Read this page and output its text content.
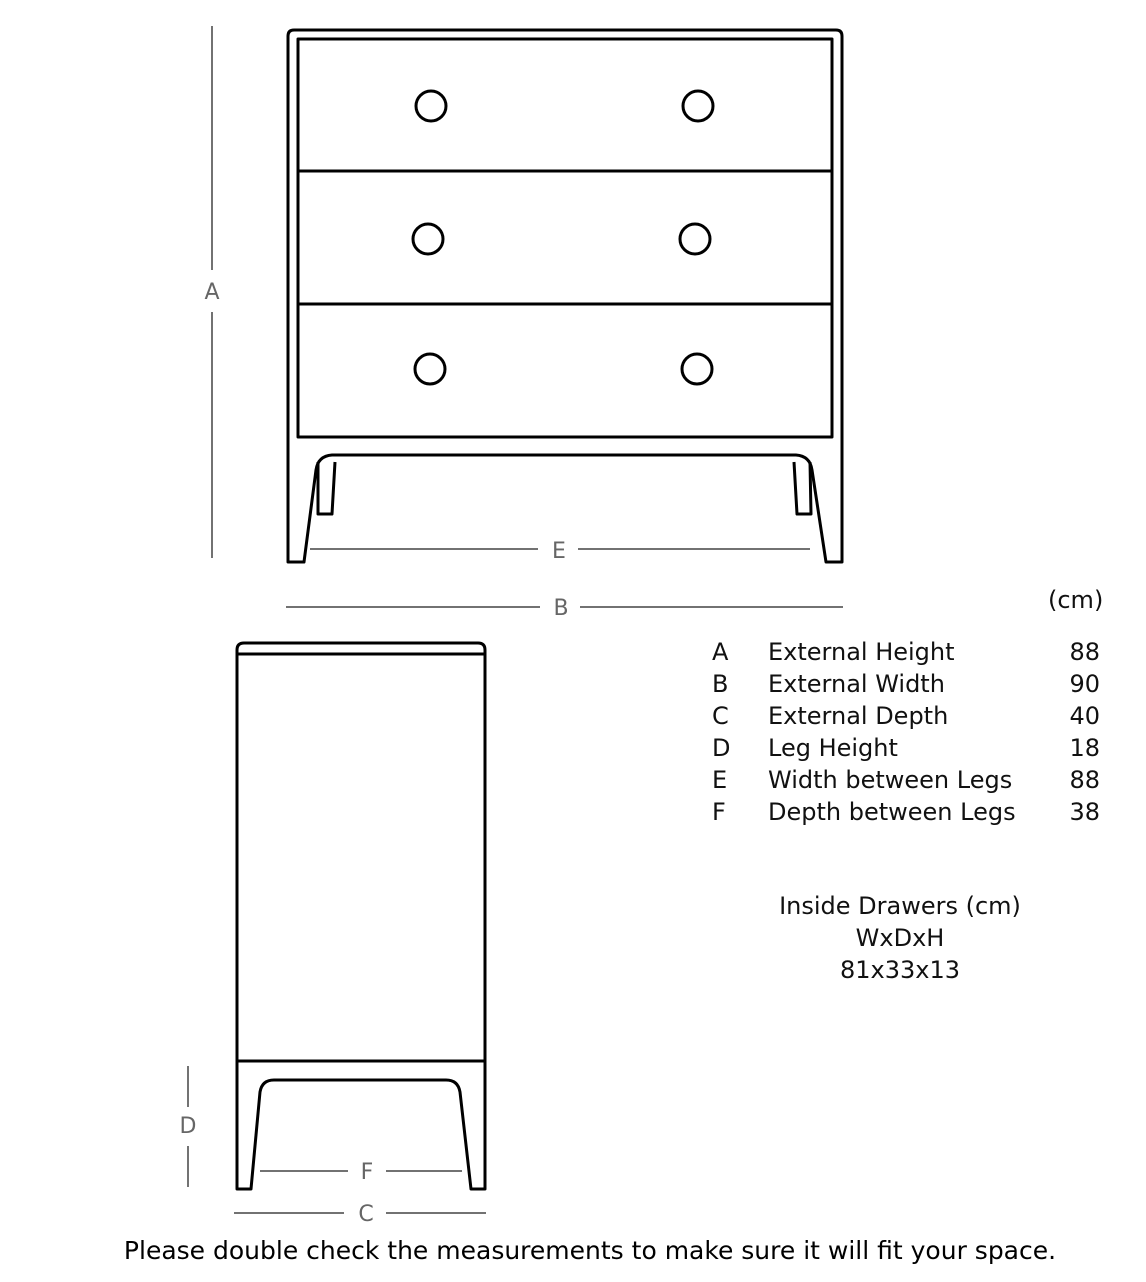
A
E
B
D
F
C
(cm)
A	External Height	88
B	External Width	90
C	External Depth	40
D	Leg Height	18
E	Width between Legs	88
F	Depth between Legs	38
Inside Drawers (cm)
WxDxH
81x33x13
Please double check the measurements to make sure it will fit your space.
